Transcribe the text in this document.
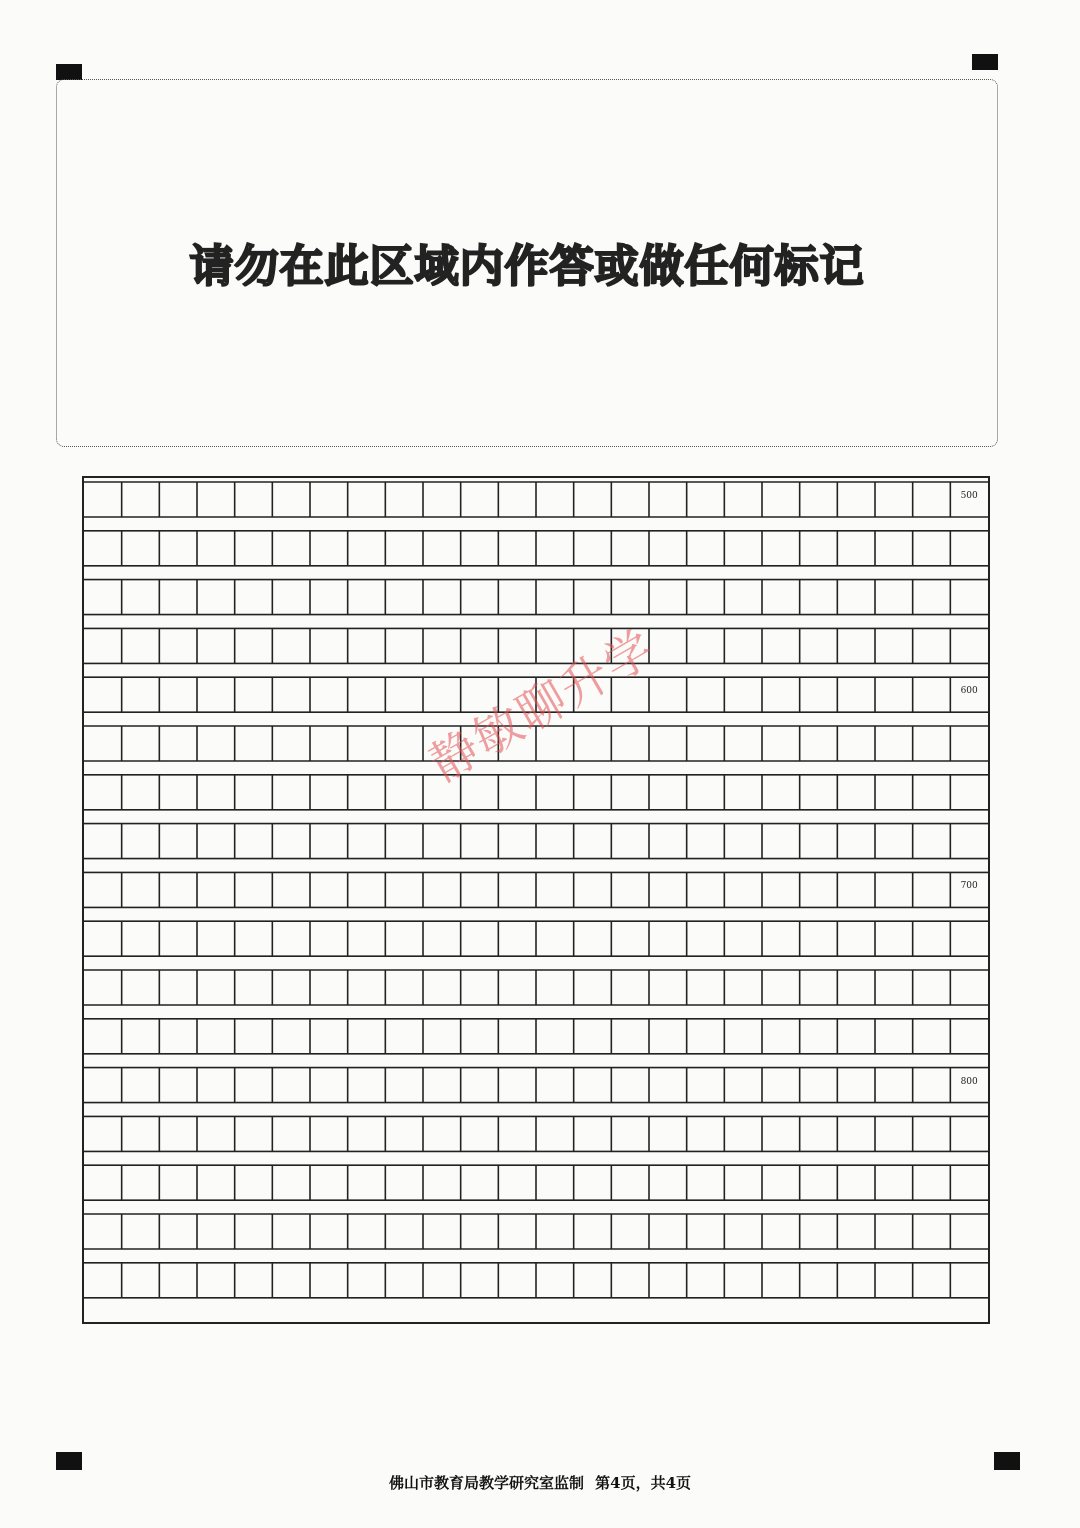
请勿在此区域内作答或做任何标记
500
600
700
800
静敏聊升学
佛山市教育局教学研究室监制 第4页，共4页
